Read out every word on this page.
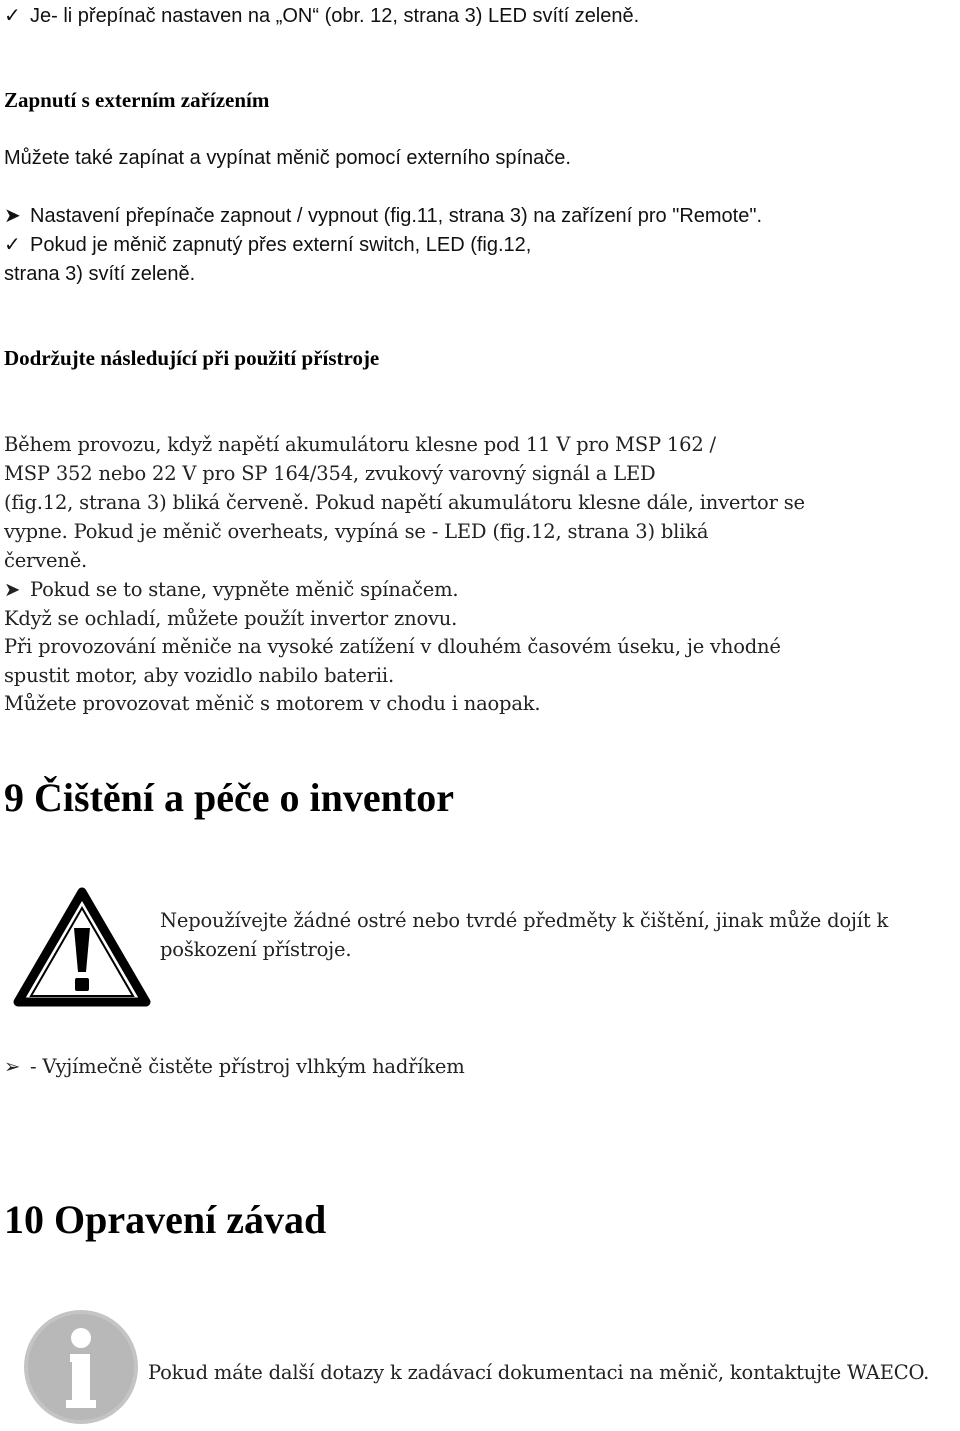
✓ Je- li přepínač nastaven na „ON“ (obr. 12, strana 3) LED svítí zeleně.
Zapnutí s externím zařízením
Můžete také zapínat a vypínat měnič pomocí externího spínače.
➤ Nastavení přepínače zapnout / vypnout (fig.11, strana 3) na zařízení pro "Remote".
✓ Pokud je měnič zapnutý přes externí switch, LED (fig.12,
strana 3) svítí zeleně.
Dodržujte následující při použití přístroje
Během provozu, když napětí akumulátoru klesne pod 11 V pro MSP 162 /
MSP 352 nebo 22 V pro SP 164/354, zvukový varovný signál a LED
(fig.12, strana 3) bliká červeně. Pokud napětí akumulátoru klesne dále, invertor se
vypne. Pokud je měnič overheats, vypíná se - LED (fig.12, strana 3) bliká
červeně.
➤ Pokud se to stane, vypněte měnič spínačem.
Když se ochladí, můžete použít invertor znovu.
Při provozování měniče na vysoké zatížení v dlouhém časovém úseku, je vhodné
spustit motor, aby vozidlo nabilo baterii.
Můžete provozovat měnič s motorem v chodu i naopak.
9 Čištění a péče o inventor
Nepoužívejte žádné ostré nebo tvrdé předměty k čištění, jinak může dojít k
poškození přístroje.
➢ - Vyjímečně čistěte přístroj vlhkým hadříkem
10 Opravení závad
Pokud máte další dotazy k zadávací dokumentaci na měnič, kontaktujte WAECO.
